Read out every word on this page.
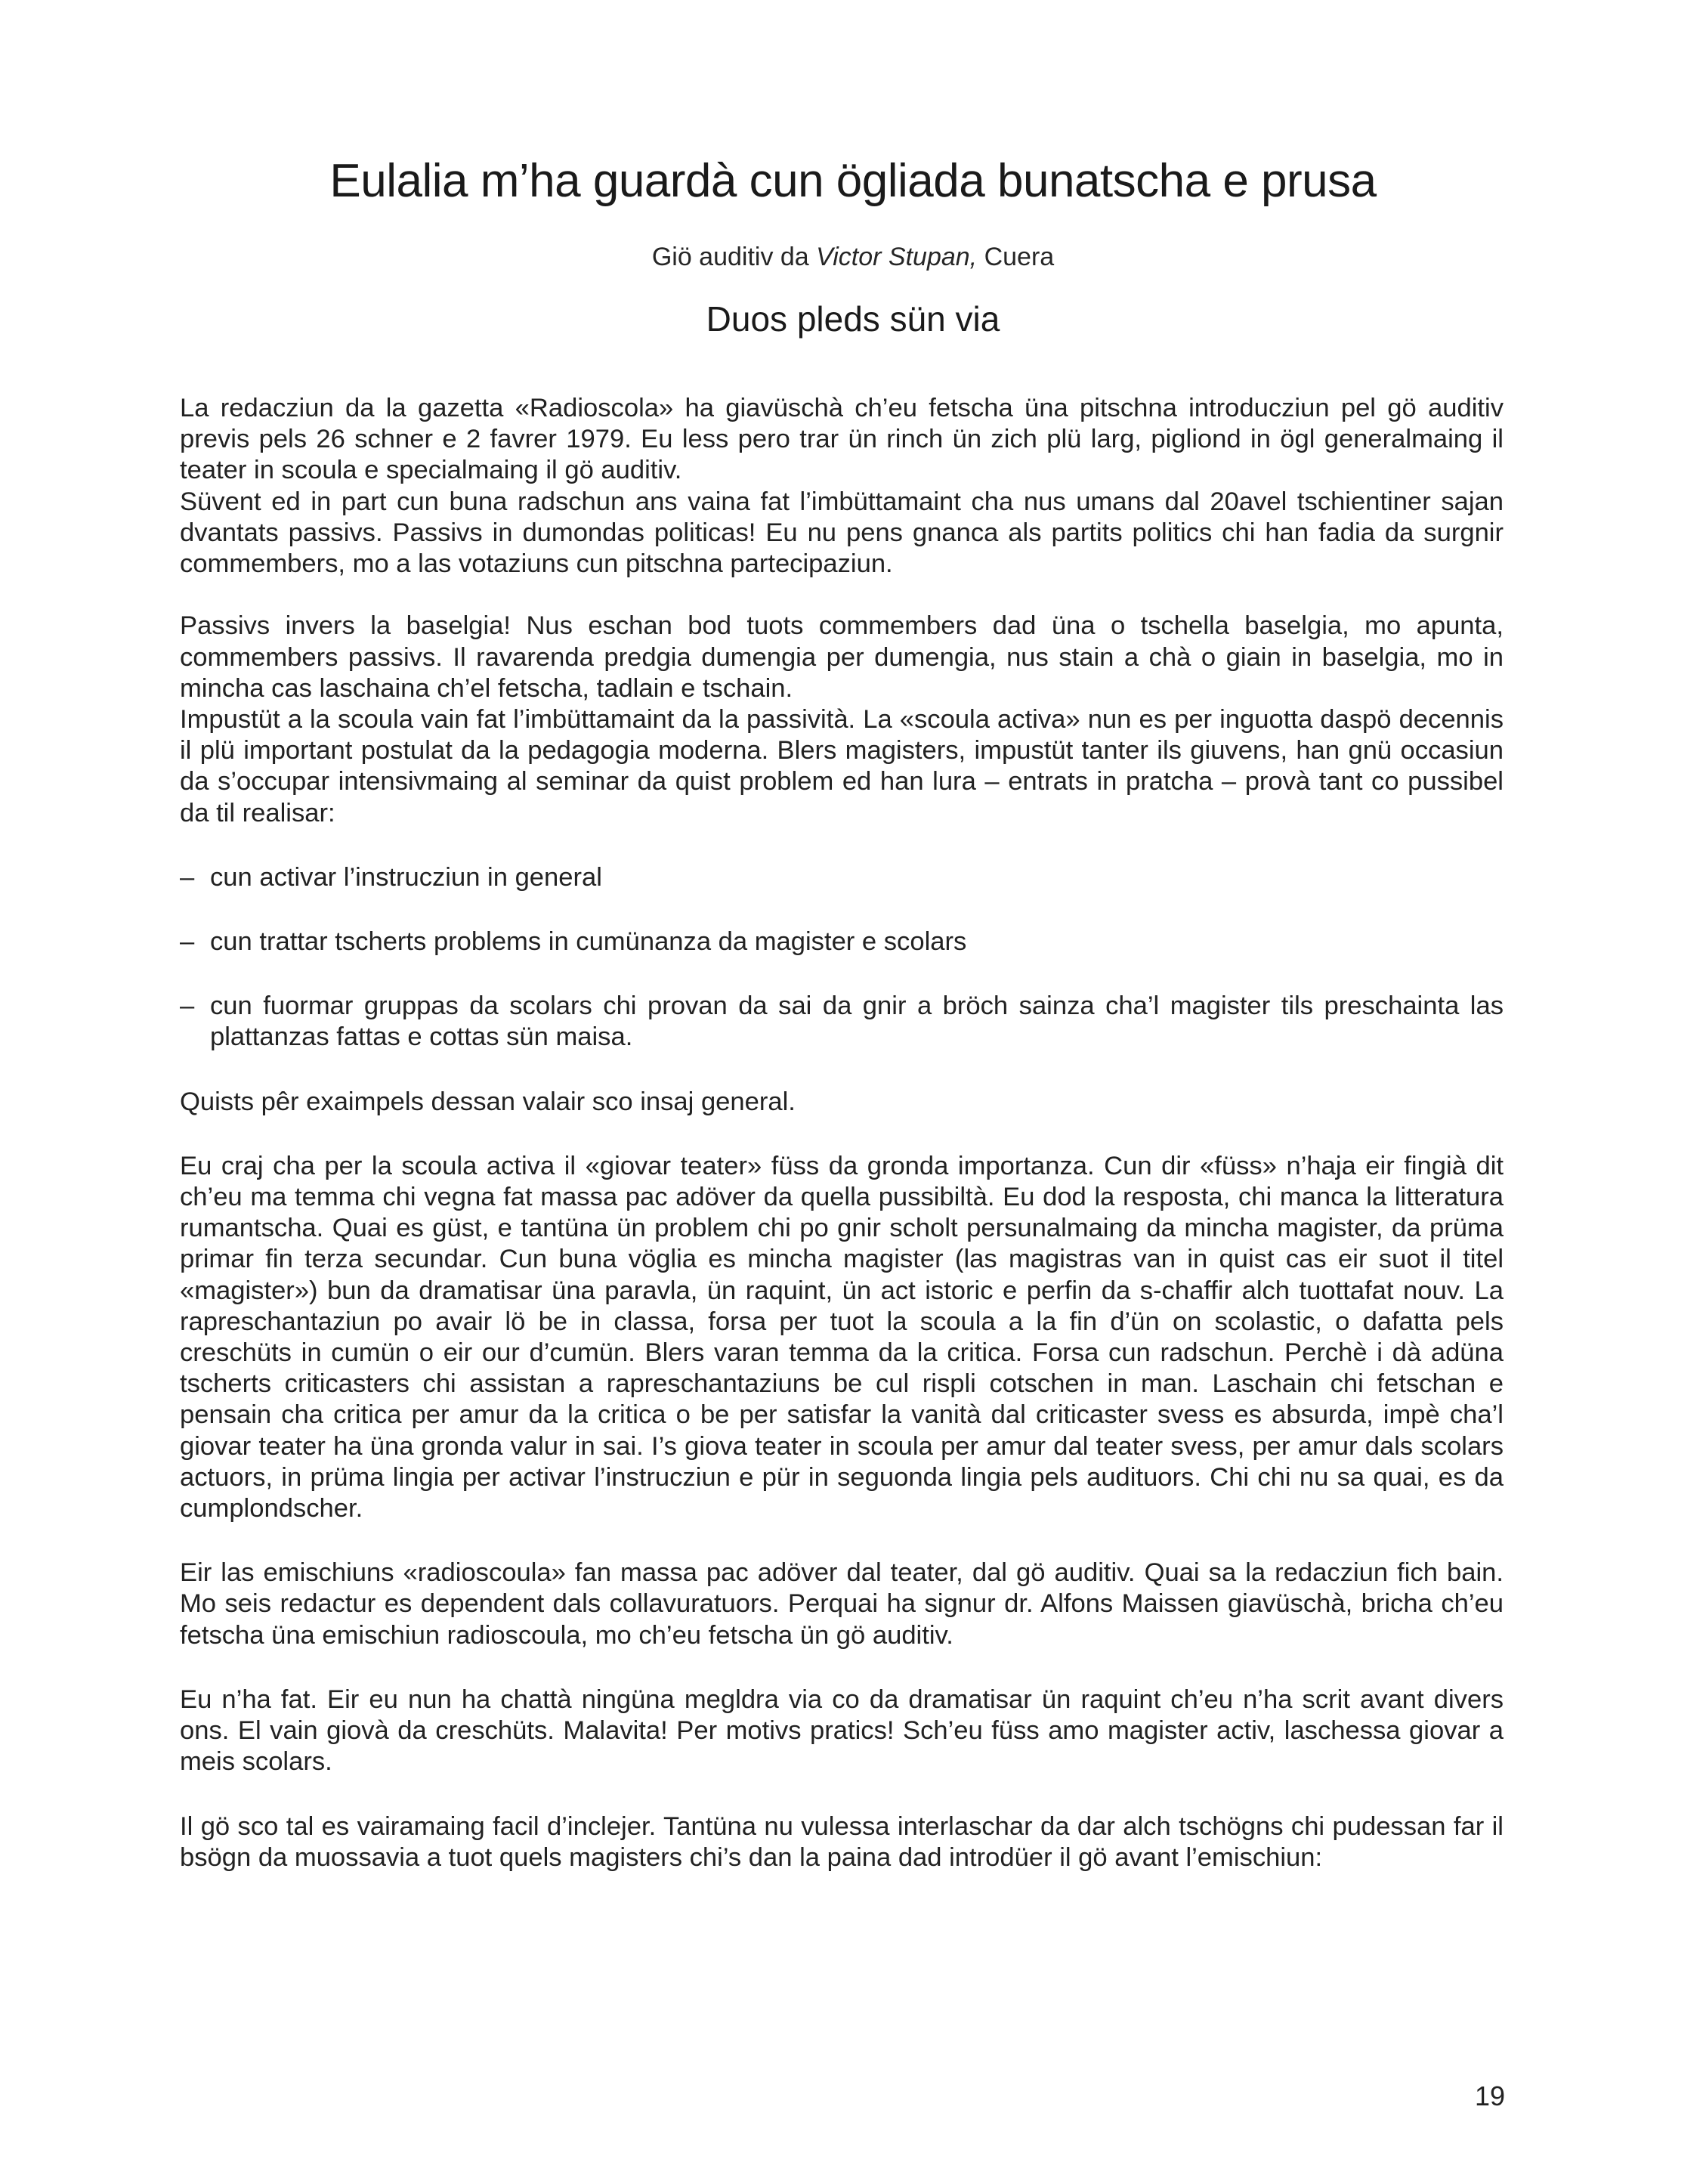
Eulalia m’ha guardà cun ögliada bunatscha e prusa
Giö auditiv da Victor Stupan, Cuera
Duos pleds sün via

La redacziun da la gazetta «Radioscola» ha giavüschà ch’eu fetscha üna pitschna introducziun pel gö auditiv previs pels 26 schner e 2 favrer 1979. Eu less pero trar ün rinch ün zich plü larg, pigliond in ögl generalmaing il teater in scoula e specialmaing il gö auditiv.

Süvent ed in part cun buna radschun ans vaina fat l’imbüttamaint cha nus umans dal 20avel tschientiner sajan dvantats passivs. Passivs in dumondas politicas! Eu nu pens gnanca als partits politics chi han fadia da surgnir commembers, mo a las votaziuns cun pitschna partecipaziun.

Passivs invers la baselgia! Nus eschan bod tuots commembers dad üna o tschella baselgia, mo apunta, commembers passivs. Il ravarenda predgia dumengia per dumengia, nus stain a chà o giain in baselgia, mo in mincha cas laschaina ch’el fetscha, tadlain e tschain.

Impustüt a la scoula vain fat l’imbüttamaint da la passività. La «scoula activa» nun es per inguotta daspö decennis il plü important postulat da la pedagogia moderna. Blers magisters, impustüt tanter ils giuvens, han gnü occasiun da s’occupar intensivmaing al seminar da quist problem ed han lura – entrats in pratcha – provà tant co pussibel da til realisar:

– cun activar l’instrucziun in general
– cun trattar tscherts problems in cumünanza da magister e scolars
– cun fuormar gruppas da scolars chi provan da sai da gnir a bröch sainza cha’l magister tils preschainta las plattanzas fattas e cottas sün maisa.

Quists pêr exaimpels dessan valair sco insaj general.

Eu craj cha per la scoula activa il «giovar teater» füss da gronda importanza. Cun dir «füss» n’haja eir fingià dit ch’eu ma temma chi vegna fat massa pac adöver da quella pussibiltà. Eu dod la resposta, chi manca la litteratura rumantscha. Quai es güst, e tantüna ün problem chi po gnir scholt persunalmaing da mincha magister, da prüma primar fin terza secundar. Cun buna vöglia es mincha magister (las magistras van in quist cas eir suot il titel «magister») bun da dramatisar üna paravla, ün raquint, ün act istoric e perfin da s-chaffir alch tuottafat nouv. La rapreschantaziun po avair lö be in classa, forsa per tuot la scoula a la fin d’ün on scolastic, o dafatta pels creschüts in cumün o eir our d’cumün. Blers varan temma da la critica. Forsa cun radschun. Perchè i dà adüna tscherts criticasters chi assistan a rapreschantaziuns be cul rispli cotschen in man. Laschain chi fetschan e pensain cha critica per amur da la critica o be per satisfar la vanità dal criticaster svess es absurda, impè cha’l giovar teater ha üna gronda valur in sai. I’s giova teater in scoula per amur dal teater svess, per amur dals scolars actuors, in prüma lingia per activar l’instrucziun e pür in seguonda lingia pels audituors. Chi chi nu sa quai, es da cumplondscher.

Eir las emischiuns «radioscoula» fan massa pac adöver dal teater, dal gö auditiv. Quai sa la redacziun fich bain. Mo seis redactur es dependent dals collavuratuors. Perquai ha signur dr. Alfons Maissen giavüschà, bricha ch’eu fetscha üna emischiun radioscoula, mo ch’eu fetscha ün gö auditiv.

Eu n’ha fat. Eir eu nun ha chattà ningüna megldra via co da dramatisar ün raquint ch’eu n’ha scrit avant divers ons. El vain giovà da creschüts. Malavita! Per motivs pratics! Sch’eu füss amo magister activ, laschessa giovar a meis scolars.

Il gö sco tal es vairamaing facil d’inclejer. Tantüna nu vulessa interlaschar da dar alch tschögns chi pudessan far il bsögn da muossavia a tuot quels magisters chi’s dan la paina dad introdüer il gö avant l’emischiun:

19
